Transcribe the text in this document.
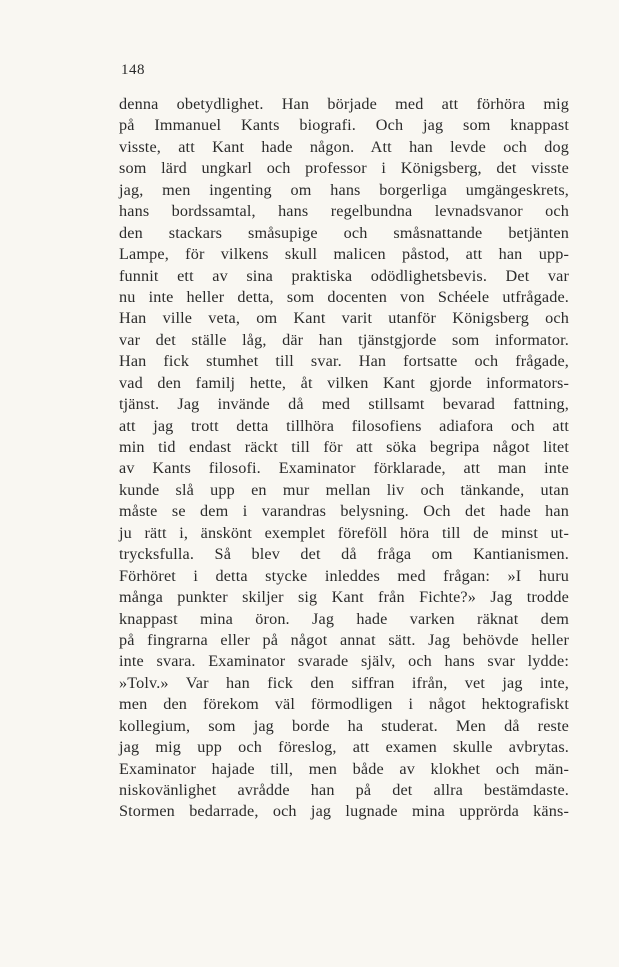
148
denna obetydlighet. Han började med att förhöra mig
på Immanuel Kants biografi. Och jag som knappast
visste, att Kant hade någon. Att han levde och dog
som lärd ungkarl och professor i Königsberg, det visste
jag, men ingenting om hans borgerliga umgängeskrets,
hans bordssamtal, hans regelbundna levnadsvanor och
den stackars småsupige och småsnattande betjänten
Lampe, för vilkens skull malicen påstod, att han upp-
funnit ett av sina praktiska odödlighetsbevis. Det var
nu inte heller detta, som docenten von Schéele utfrågade.
Han ville veta, om Kant varit utanför Königsberg och
var det ställe låg, där han tjänstgjorde som informator.
Han fick stumhet till svar. Han fortsatte och frågade,
vad den familj hette, åt vilken Kant gjorde informators-
tjänst. Jag invände då med stillsamt bevarad fattning,
att jag trott detta tillhöra filosofiens adiafora och att
min tid endast räckt till för att söka begripa något litet
av Kants filosofi. Examinator förklarade, att man inte
kunde slå upp en mur mellan liv och tänkande, utan
måste se dem i varandras belysning. Och det hade han
ju rätt i, änskönt exemplet föreföll höra till de minst ut-
trycksfulla. Så blev det då fråga om Kantianismen.
Förhöret i detta stycke inleddes med frågan: »I huru
många punkter skiljer sig Kant från Fichte?» Jag trodde
knappast mina öron. Jag hade varken räknat dem
på fingrarna eller på något annat sätt. Jag behövde heller
inte svara. Examinator svarade själv, och hans svar lydde:
»Tolv.» Var han fick den siffran ifrån, vet jag inte,
men den förekom väl förmodligen i något hektografiskt
kollegium, som jag borde ha studerat. Men då reste
jag mig upp och föreslog, att examen skulle avbrytas.
Examinator hajade till, men både av klokhet och män-
niskovänlighet avrådde han på det allra bestämdaste.
Stormen bedarrade, och jag lugnade mina upprörda käns-
